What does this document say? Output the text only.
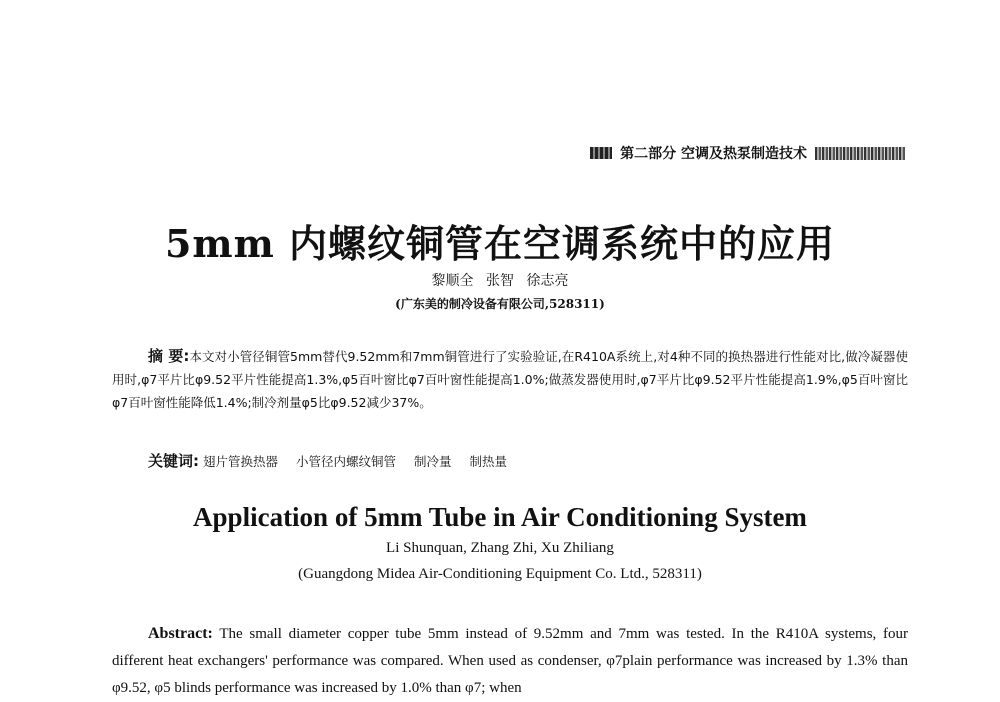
第二部分 空调及热泵制造技术
5mm 内螺纹铜管在空调系统中的应用
黎顺全 张智 徐志亮
(广东美的制冷设备有限公司,528311)
摘 要:本文对小管径铜管5mm替代9.52mm和7mm铜管进行了实验验证,在R410A系统上,对4种不同的换热器进行性能对比,做冷凝器使用时,φ7平片比φ9.52平片性能提高1.3%,φ5百叶窗比φ7百叶窗性能提高1.0%;做蒸发器使用时,φ7平片比φ9.52平片性能提高1.9%,φ5百叶窗比φ7百叶窗性能降低1.4%;制冷剂量φ5比φ9.52减少37%。
关键词: 翅片管换热器 小管径内螺纹铜管 制冷量 制热量
Application of 5mm Tube in Air Conditioning System
Li Shunquan, Zhang Zhi, Xu Zhiliang
(Guangdong Midea Air-Conditioning Equipment Co. Ltd., 528311)
Abstract: The small diameter copper tube 5mm instead of 9.52mm and 7mm was tested. In the R410A systems, four different heat exchangers' performance was compared. When used as condenser, φ7plain performance was increased by 1.3% than φ9.52, φ5 blinds performance was increased by 1.0% than φ7; when
